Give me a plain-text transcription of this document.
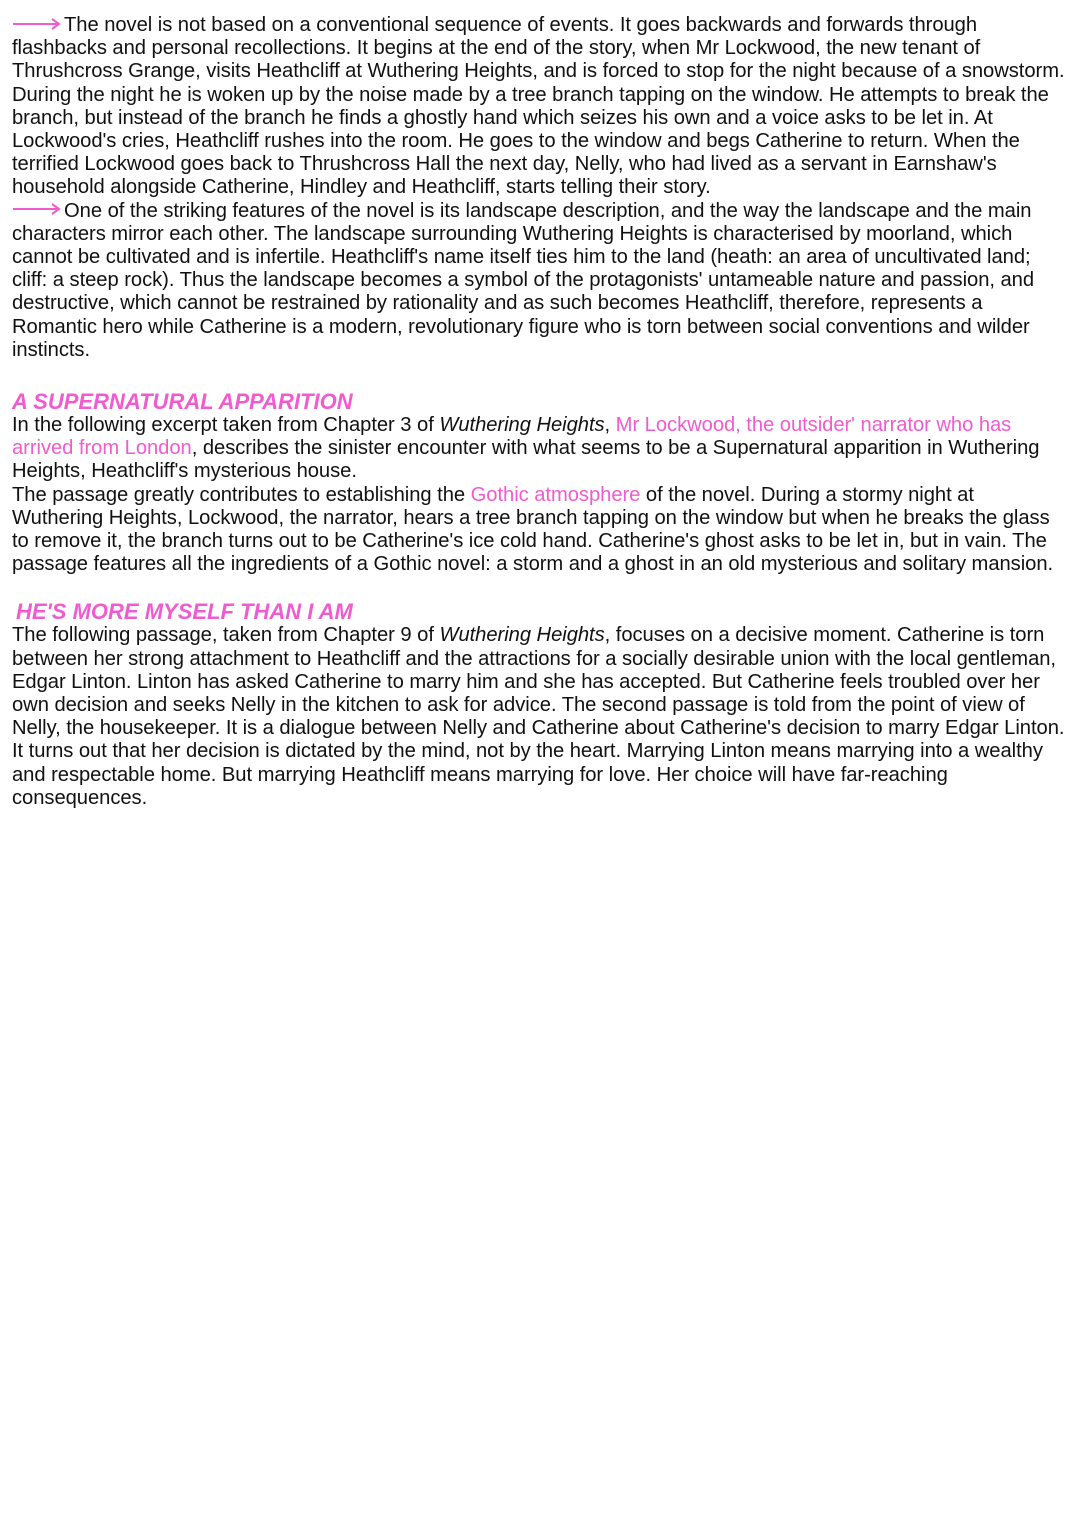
The novel is not based on a conventional sequence of events. It goes backwards and forwards through flashbacks and personal recollections. It begins at the end of the story, when Mr Lockwood, the new tenant of Thrushcross Grange, visits Heathcliff at Wuthering Heights, and is forced to stop for the night because of a snowstorm. During the night he is woken up by the noise made by a tree branch tapping on the window. He attempts to break the branch, but instead of the branch he finds a ghostly hand which seizes his own and a voice asks to be let in. At Lockwood's cries, Heathcliff rushes into the room. He goes to the window and begs Catherine to return. When the terrified Lockwood goes back to Thrushcross Hall the next day, Nelly, who had lived as a servant in Earnshaw's household alongside Catherine, Hindley and Heathcliff, starts telling their story.

One of the striking features of the novel is its landscape description, and the way the landscape and the main characters mirror each other. The landscape surrounding Wuthering Heights is characterised by moorland, which cannot be cultivated and is infertile. Heathcliff's name itself ties him to the land (heath: an area of uncultivated land; cliff: a steep rock). Thus the landscape becomes a symbol of the protagonists' untameable nature and passion, and destructive, which cannot be restrained by rationality and as such becomes Heathcliff, therefore, represents a Romantic hero while Catherine is a modern, revolutionary figure who is torn between social conventions and wilder instincts.

A SUPERNATURAL APPARITION

In the following excerpt taken from Chapter 3 of Wuthering Heights, Mr Lockwood, the outsider' narrator who has arrived from London, describes the sinister encounter with what seems to be a Supernatural apparition in Wuthering Heights, Heathcliff's mysterious house.

The passage greatly contributes to establishing the Gothic atmosphere of the novel. During a stormy night at Wuthering Heights, Lockwood, the narrator, hears a tree branch tapping on the window but when he breaks the glass to remove it, the branch turns out to be Catherine's ice cold hand. Catherine's ghost asks to be let in, but in vain. The passage features all the ingredients of a Gothic novel: a storm and a ghost in an old mysterious and solitary mansion.

HE'S MORE MYSELF THAN I AM

The following passage, taken from Chapter 9 of Wuthering Heights, focuses on a decisive moment. Catherine is torn between her strong attachment to Heathcliff and the attractions for a socially desirable union with the local gentleman, Edgar Linton. Linton has asked Catherine to marry him and she has accepted. But Catherine feels troubled over her own decision and seeks Nelly in the kitchen to ask for advice. The second passage is told from the point of view of Nelly, the housekeeper. It is a dialogue between Nelly and Catherine about Catherine's decision to marry Edgar Linton. It turns out that her decision is dictated by the mind, not by the heart. Marrying Linton means marrying into a wealthy and respectable home. But marrying Heathcliff means marrying for love. Her choice will have far-reaching consequences.
